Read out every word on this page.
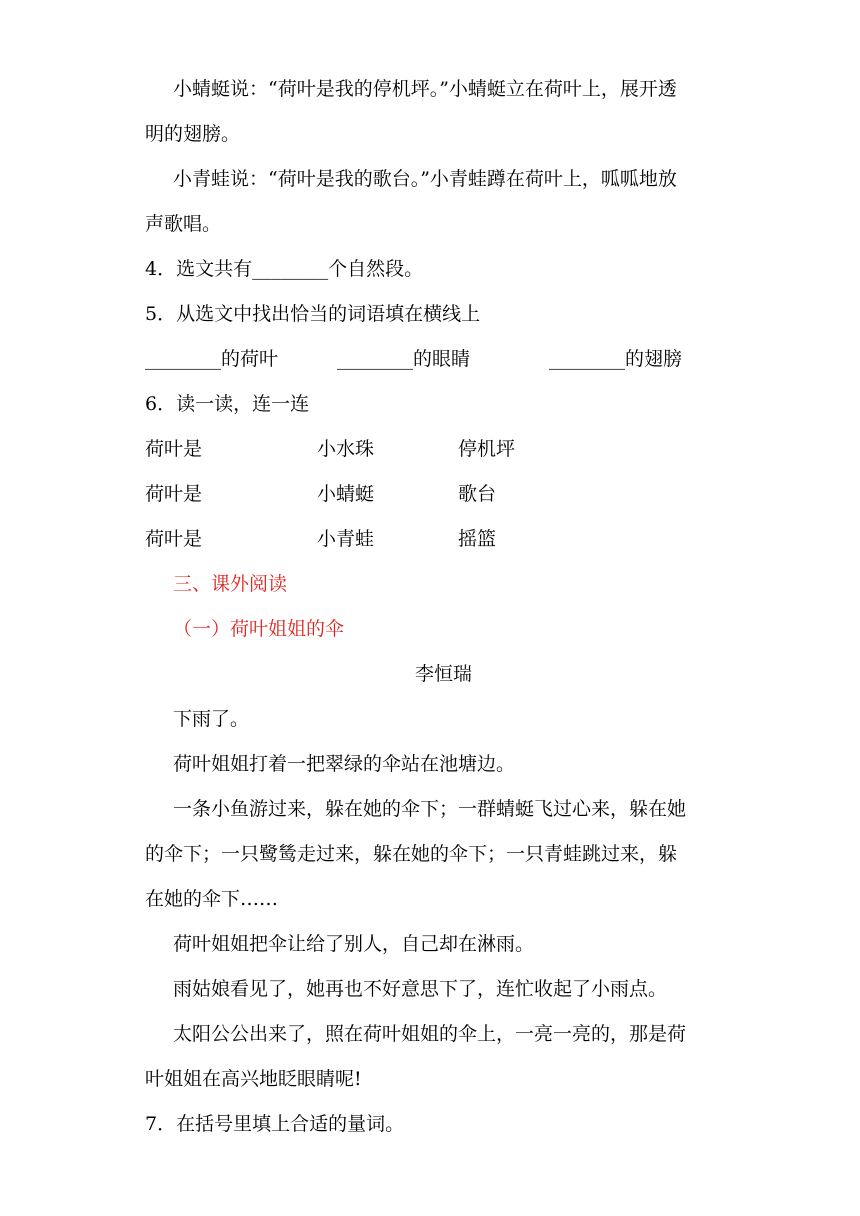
小蜻蜓说：“荷叶是我的停机坪。”小蜻蜓立在荷叶上，展开透
明的翅膀。
小青蛙说：“荷叶是我的歌台。”小青蛙蹲在荷叶上，呱呱地放
声歌唱。
4．选文共有________个自然段。
5．从选文中找出恰当的词语填在横线上
________的荷叶	________的眼睛	________的翅膀
6．读一读，连一连
荷叶是	小水珠	停机坪
荷叶是	小蜻蜓	歌台
荷叶是	小青蛙	摇篮
三、课外阅读
（一）荷叶姐姐的伞
李恒瑞
下雨了。
荷叶姐姐打着一把翠绿的伞站在池塘边。
一条小鱼游过来，躲在她的伞下；一群蜻蜓飞过心来，躲在她
的伞下；一只鹭鸶走过来，躲在她的伞下；一只青蛙跳过来，躲
在她的伞下……
荷叶姐姐把伞让给了别人，自己却在淋雨。
雨姑娘看见了，她再也不好意思下了，连忙收起了小雨点。
太阳公公出来了，照在荷叶姐姐的伞上，一亮一亮的，那是荷
叶姐姐在高兴地眨眼睛呢!
7．在括号里填上合适的量词。
